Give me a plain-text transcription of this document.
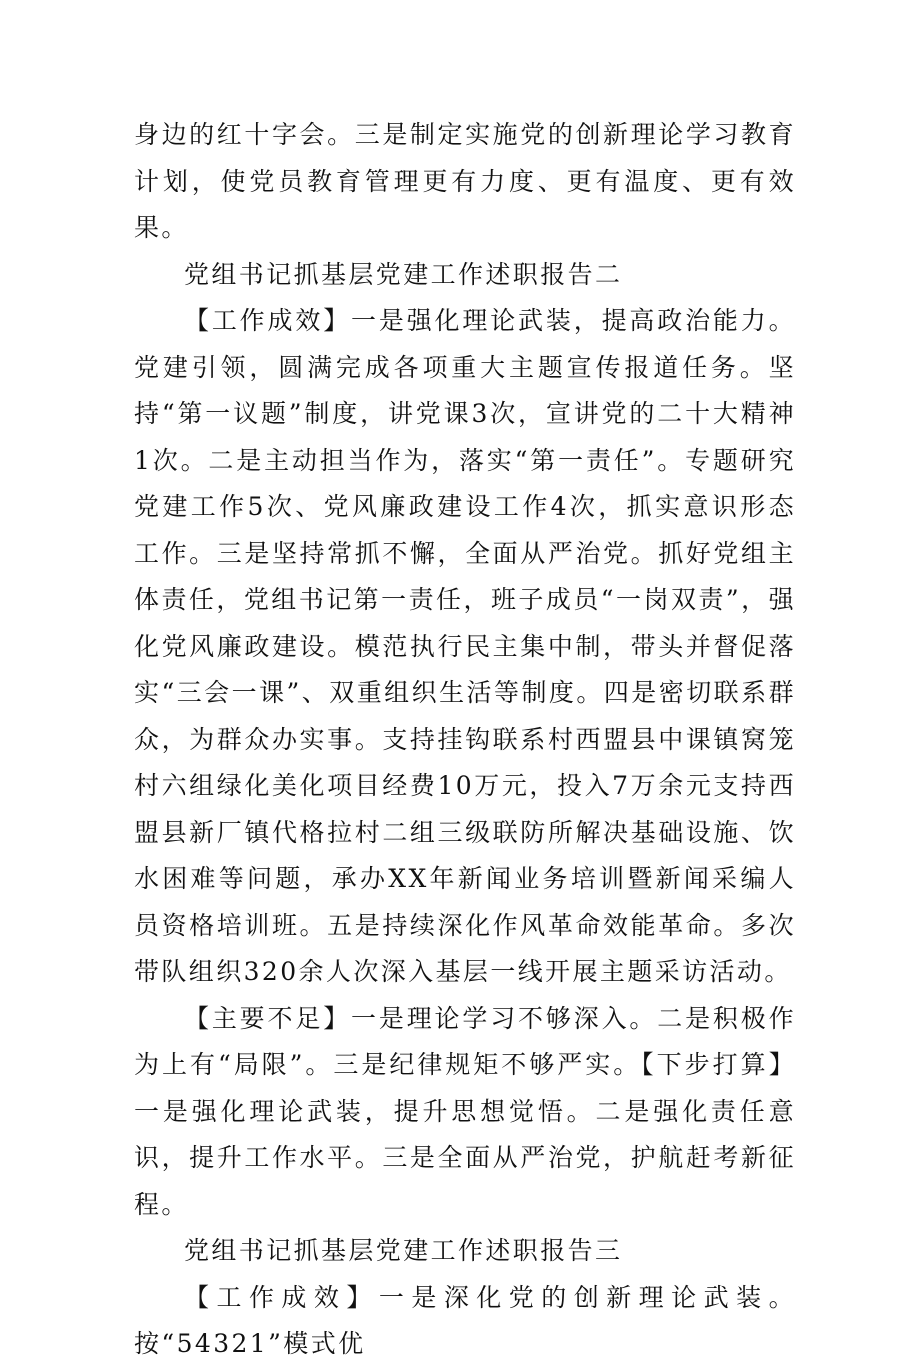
身边的红十字会。三是制定实施党的创新理论学习教育计划，使党员教育管理更有力度、更有温度、更有效果。

党组书记抓基层党建工作述职报告二

【工作成效】一是强化理论武装，提高政治能力。党建引领，圆满完成各项重大主题宣传报道任务。坚持“第一议题”制度，讲党课3次，宣讲党的二十大精神1次。二是主动担当作为，落实“第一责任”。专题研究党建工作5次、党风廉政建设工作4次，抓实意识形态工作。三是坚持常抓不懈，全面从严治党。抓好党组主体责任，党组书记第一责任，班子成员“一岗双责”，强化党风廉政建设。模范执行民主集中制，带头并督促落实“三会一课”、双重组织生活等制度。四是密切联系群众，为群众办实事。支持挂钩联系村西盟县中课镇窝笼村六组绿化美化项目经费10万元，投入7万余元支持西盟县新厂镇代格拉村二组三级联防所解决基础设施、饮水困难等问题，承办XX年新闻业务培训暨新闻采编人员资格培训班。五是持续深化作风革命效能革命。多次带队组织320余人次深入基层一线开展主题采访活动。

【主要不足】一是理论学习不够深入。二是积极作为上有“局限”。三是纪律规矩不够严实。【下步打算】一是强化理论武装，提升思想觉悟。二是强化责任意识，提升工作水平。三是全面从严治党，护航赶考新征程。

党组书记抓基层党建工作述职报告三

【工作成效】一是深化党的创新理论武装。按“54321”模式优
